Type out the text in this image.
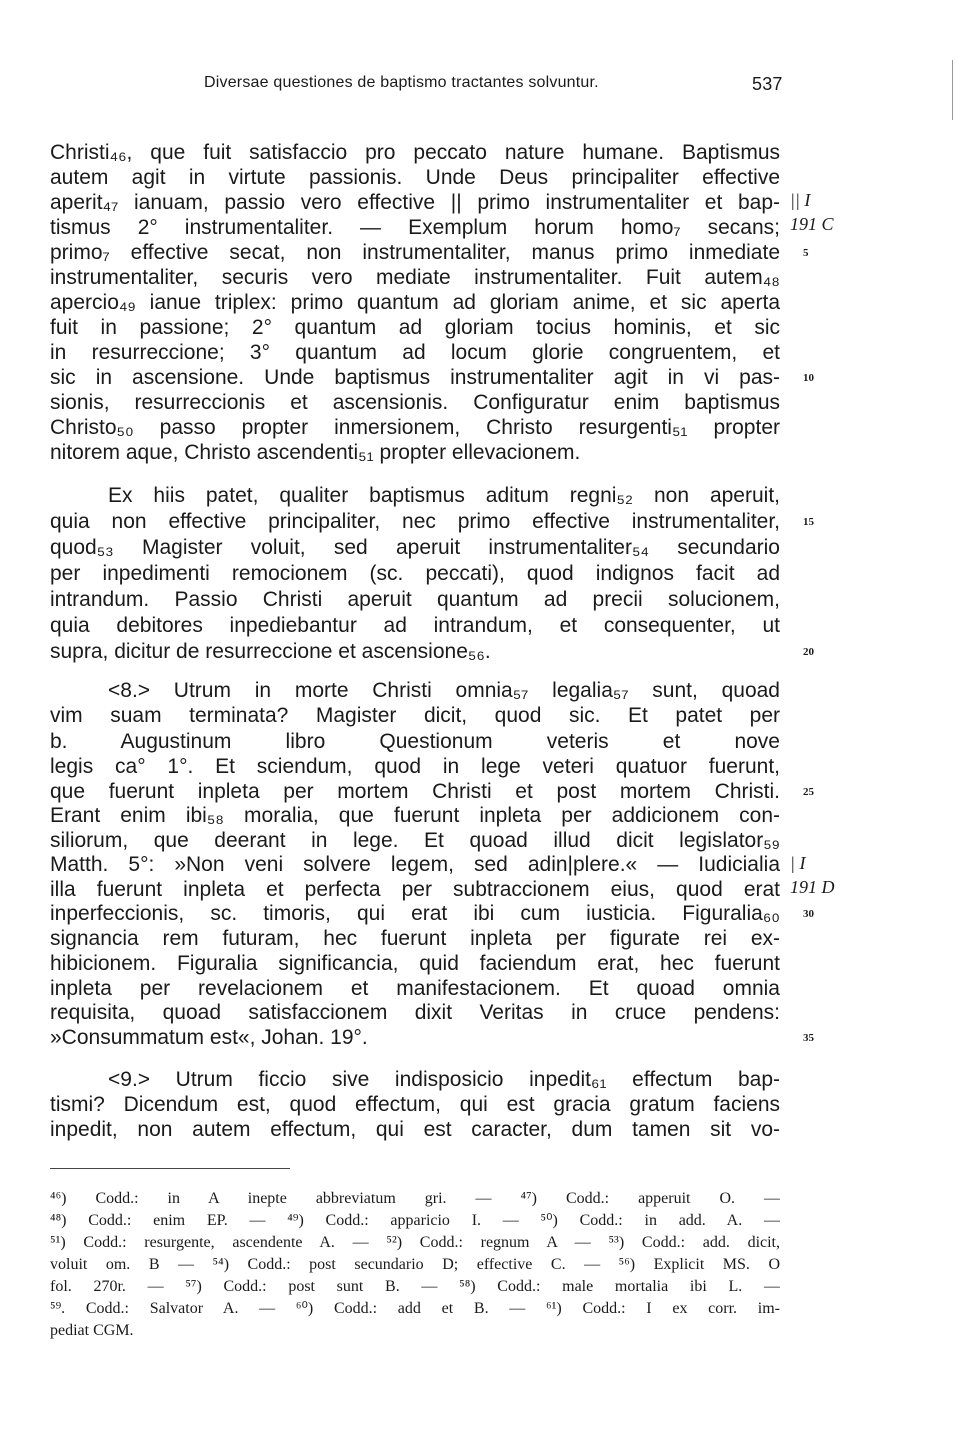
Diversae questiones de baptismo tractantes solvuntur.	537
Christi₄₆, que fuit satisfaccio pro peccato nature humane. Baptismus
autem agit in virtute passionis. Unde Deus principaliter effective
aperit₄₇ ianuam, passio vero effective || primo instrumentaliter et bap-
tismus 2° instrumentaliter. — Exemplum horum homo₇ secans;
primo₇ effective secat, non instrumentaliter, manus primo inmediate
instrumentaliter, securis vero mediate instrumentaliter. Fuit autem₄₈
apercio₄₉ ianue triplex: primo quantum ad gloriam anime, et sic aperta
fuit in passione; 2° quantum ad gloriam tocius hominis, et sic
in resurreccione; 3° quantum ad locum glorie congruentem, et
sic in ascensione. Unde baptismus instrumentaliter agit in vi pas-
sionis, resurreccionis et ascensionis. Configuratur enim baptismus
Christo₅₀ passo propter inmersionem, Christo resurgenti₅₁ propter
nitorem aque, Christo ascendenti₅₁ propter ellevacionem.
Ex hiis patet, qualiter baptismus aditum regni₅₂ non aperuit,
quia non effective principaliter, nec primo effective instrumentaliter,
quod₅₃ Magister voluit, sed aperuit instrumentaliter₅₄ secundario
per inpedimenti remocionem (sc. peccati), quod indignos facit ad
intrandum. Passio Christi aperuit quantum ad precii solucionem,
quia debitores inpediebantur ad intrandum, et consequenter, ut
supra, dicitur de resurreccione et ascensione₅₆.
<8.> Utrum in morte Christi omnia₅₇ legalia₅₇ sunt, quoad
vim suam terminata? Magister dicit, quod sic. Et patet per
b. Augustinum libro Questionum veteris et nove
legis ca° 1°. Et sciendum, quod in lege veteri quatuor fuerunt,
que fuerunt inpleta per mortem Christi et post mortem Christi.
Erant enim ibi₅₈ moralia, que fuerunt inpleta per addicionem con-
siliorum, que deerant in lege. Et quoad illud dicit legislator₅₉
Matth. 5°: »Non veni solvere legem, sed adin|plere.« — Iudicialia
illa fuerunt inpleta et perfecta per subtraccionem eius, quod erat
inperfeccionis, sc. timoris, qui erat ibi cum iusticia. Figuralia₆₀
signancia rem futuram, hec fuerunt inpleta per figurate rei ex-
hibicionem. Figuralia significancia, quid faciendum erat, hec fuerunt
inpleta per revelacionem et manifestacionem. Et quoad omnia
requisita, quoad satisfaccionem dixit Veritas in cruce pendens:
»Consummatum est«, Johan. 19°.
<9.> Utrum ficcio sive indisposicio inpedit₆₁ effectum bap-
tismi? Dicendum est, quod effectum, qui est gracia gratum faciens
inpedit, non autem effectum, qui est caracter, dum tamen sit vo-
|| I
191 C
| I
191 D
5
10
15
20
25
30
35
⁴⁶) Codd.: in A inepte abbreviatum gri. — ⁴⁷) Codd.: apperuit O. —
⁴⁸) Codd.: enim EP. — ⁴⁹) Codd.: apparicio I. — ⁵⁰) Codd.: in add. A. —
⁵¹) Codd.: resurgente, ascendente A. — ⁵²) Codd.: regnum A — ⁵³) Codd.: add. dicit,
voluit om. B — ⁵⁴) Codd.: post secundario D; effective C. — ⁵⁶) Explicit MS. O
fol. 270r. — ⁵⁷) Codd.: post sunt B. — ⁵⁸) Codd.: male mortalia ibi L. —
⁵⁹. Codd.: Salvator A. — ⁶⁰) Codd.: add et B. — ⁶¹) Codd.: I ex corr. im-
pediat CGM.
